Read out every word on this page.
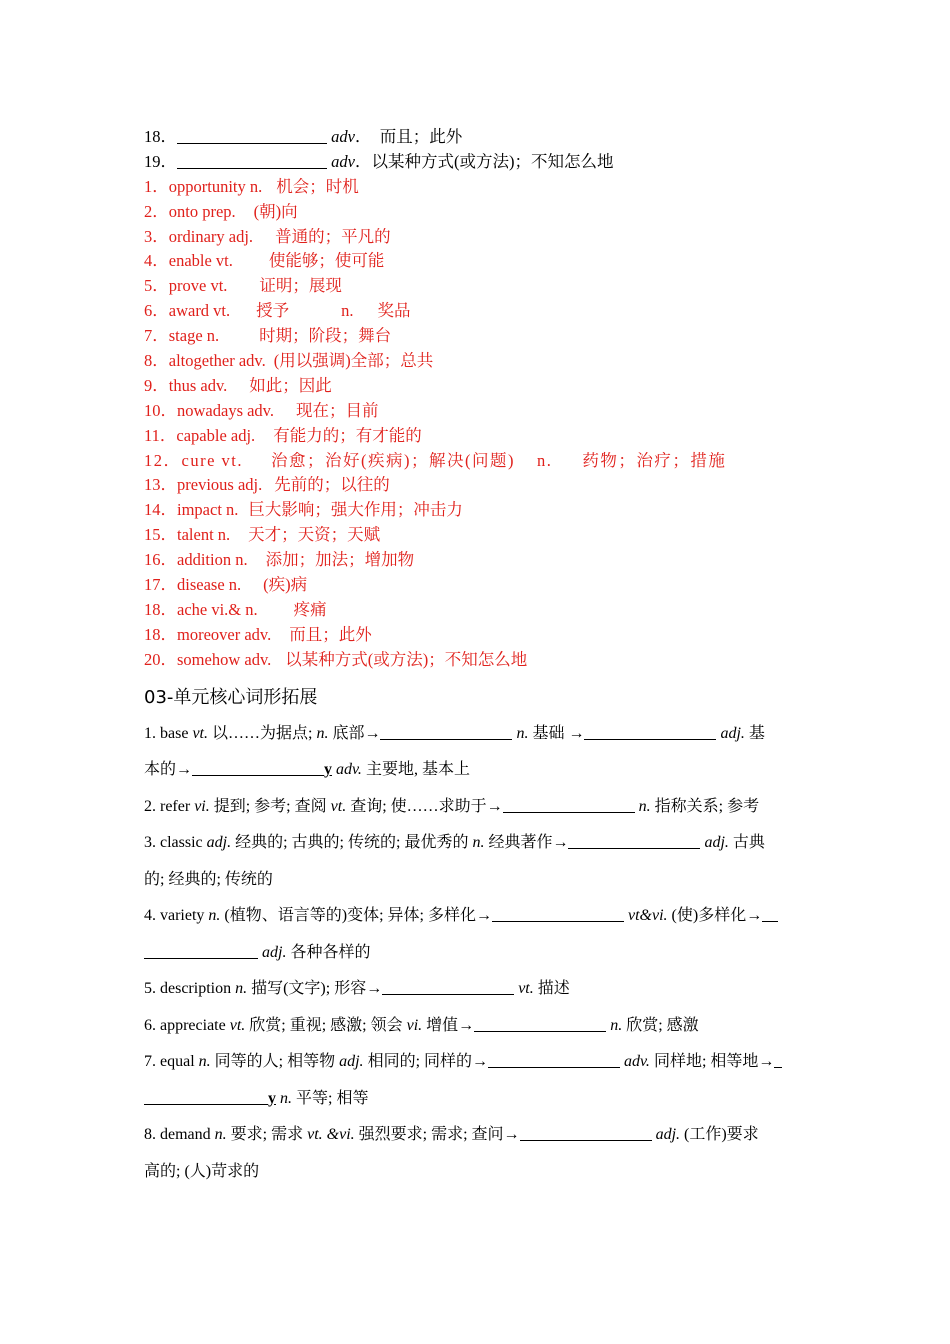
18．	adv．　而且；此外
19．	adv．以某种方式(或方法)；不知怎么地
1．opportunity n. 机会；时机
2．onto prep. (朝)向
3．ordinary adj. 普通的；平凡的
4．enable vt. 使能够；使可能
5．prove vt. 证明；展现
6．award vt. 授予	n. 奖品
7．stage n. 时期；阶段；舞台
8．altogether adv. (用以强调)全部；总共
9．thus adv. 如此；因此
10．nowadays adv. 现在；目前
11．capable adj. 有能力的；有才能的
12．cure vt. 治愈；治好(疾病)；解决(问题) n. 药物；治疗；措施
13．previous adj. 先前的；以往的
14．impact n. 巨大影响；强大作用；冲击力
15．talent n. 天才；天资；天赋
16．addition n. 添加；加法；增加物
17．disease n. (疾)病
18．ache vi.& n. 疼痛
18．moreover adv. 而且；此外
20．somehow adv. 以某种方式(或方法)；不知怎么地
03-单元核心词形拓展

1. base vt. 以……为据点; n. 底部→	n. 基础 →	adj. 基
本的→	y adv. 主要地, 基本上

2. refer vi. 提到; 参考; 查阅 vt. 查询; 使……求助于→	n. 指称关系; 参考

3. classic adj. 经典的; 古典的; 传统的; 最优秀的 n. 经典著作→	adj. 古典
的; 经典的; 传统的

4. variety n. (植物、语言等的)变体; 异体; 多样化→	vt&vi. (使)多样化→
adj. 各种各样的

5. description n. 描写(文字); 形容→	vt. 描述

6. appreciate vt. 欣赏; 重视; 感激; 领会 vi. 增值→	n. 欣赏; 感激

7. equal n. 同等的人; 相等物 adj. 相同的; 同样的→	adv. 同样地; 相等地→
y n. 平等; 相等

8. demand n. 要求; 需求 vt. &vi. 强烈要求; 需求; 查问→	adj. (工作)要求
高的; (人)苛求的
